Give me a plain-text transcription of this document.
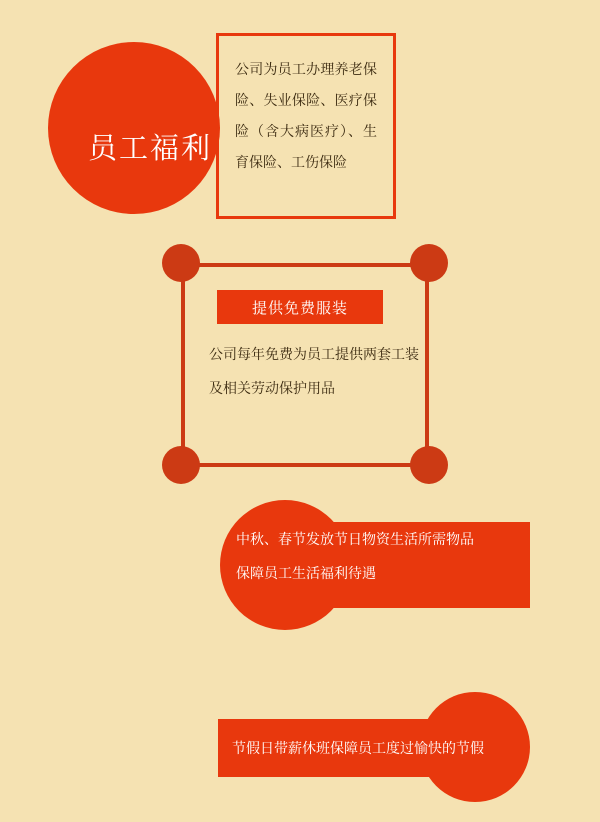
员工福利
公司为员工办理养老保险、失业保险、医疗保险（含大病医疗）、生育保险、工伤保险
提供免费服装
公司每年免费为员工提供两套工装及相关劳动保护用品
中秋、春节发放节日物资生活所需物品
保障员工生活福利待遇
节假日带薪休班保障员工度过愉快的节假
